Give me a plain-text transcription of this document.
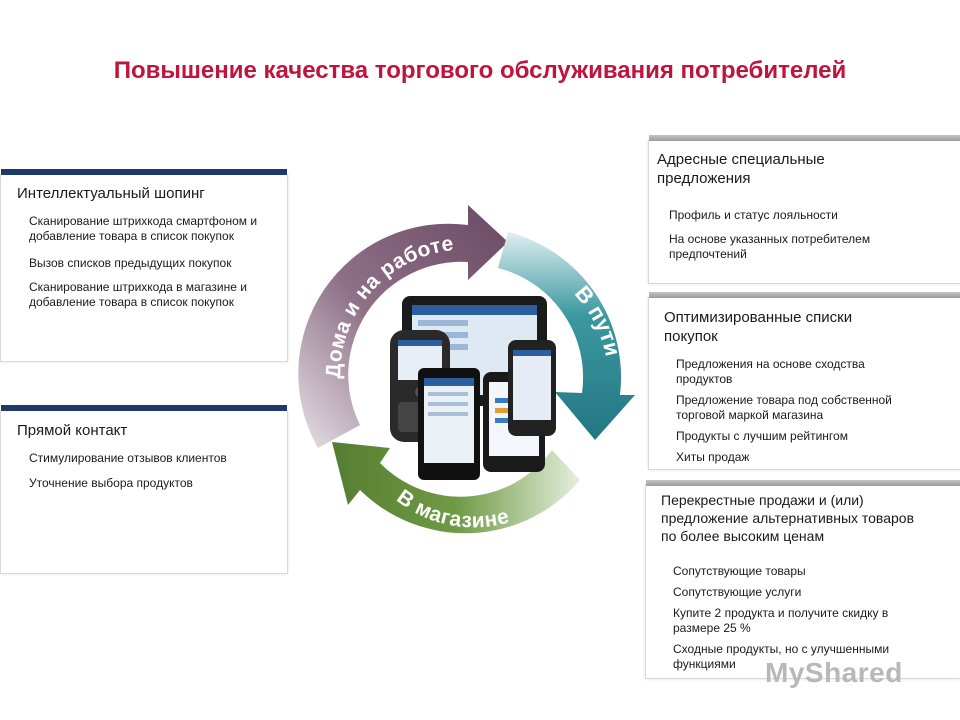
Повышение качества торгового обслуживания потребителей
Интеллектуальный шопинг
Сканирование штрихкода смартфоном и добавление товара в список покупок
Вызов списков предыдущих покупок
Сканирование штрихкода в магазине и добавление товара в список покупок
Прямой контакт
Стимулирование отзывов клиентов
Уточнение выбора продуктов
Адресные специальные предложения
Профиль и статус лояльности
На основе указанных потребителем предпочтений
Оптимизированные списки покупок
Предложения на основе сходства продуктов
Предложение товара под собственной торговой маркой магазина
Продукты с лучшим рейтингом
Хиты продаж
Перекрестные продажи и (или) предложение альтернативных товаров по более высоким ценам
Сопутствующие товары
Сопутствующие услуги
Купите 2 продукта и получите скидку в размере 25 %
Сходные продукты, но с улучшенными функциями
Дома и на работе
В пути
В магазине
MyShared
